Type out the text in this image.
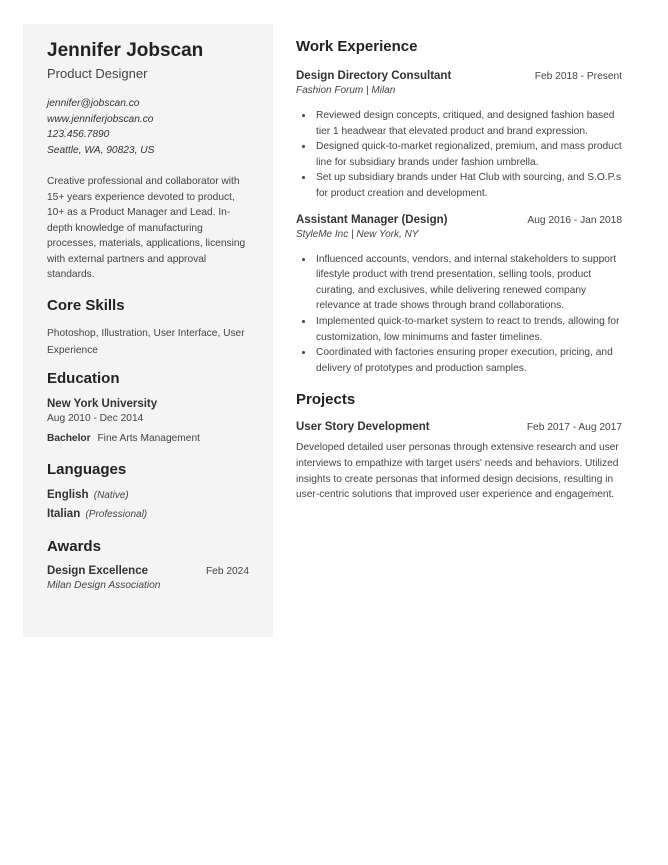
Jennifer Jobscan
Product Designer
jennifer@jobscan.co
www.jenniferjobscan.co
123.456.7890
Seattle, WA, 90823, US
Creative professional and collaborator with 15+ years experience devoted to product, 10+ as a Product Manager and Lead. In-depth knowledge of manufacturing processes, materials, applications, licensing with external partners and approval standards.
Core Skills
Photoshop, Illustration, User Interface, User Experience
Education
New York University
Aug 2010 - Dec 2014
Bachelor Fine Arts Management
Languages
English (Native)
Italian (Professional)
Awards
Design Excellence	Feb 2024
Milan Design Association
Work Experience
Design Directory Consultant	Feb 2018 - Present
Fashion Forum | Milan
• Reviewed design concepts, critiqued, and designed fashion based tier 1 headwear that elevated product and brand expression.
• Designed quick-to-market regionalized, premium, and mass product line for subsidiary brands under fashion umbrella.
• Set up subsidiary brands under Hat Club with sourcing, and S.O.P.s for product creation and development.
Assistant Manager (Design)	Aug 2016 - Jan 2018
StyleMe Inc | New York, NY
• Influenced accounts, vendors, and internal stakeholders to support lifestyle product with trend presentation, selling tools, product curating, and exclusives, while delivering renewed company relevance at trade shows through brand collaborations.
• Implemented quick-to-market system to react to trends, allowing for customization, low minimums and faster timelines.
• Coordinated with factories ensuring proper execution, pricing, and delivery of prototypes and production samples.
Projects
User Story Development	Feb 2017 - Aug 2017
Developed detailed user personas through extensive research and user interviews to empathize with target users' needs and behaviors. Utilized insights to create personas that informed design decisions, resulting in user-centric solutions that improved user experience and engagement.
